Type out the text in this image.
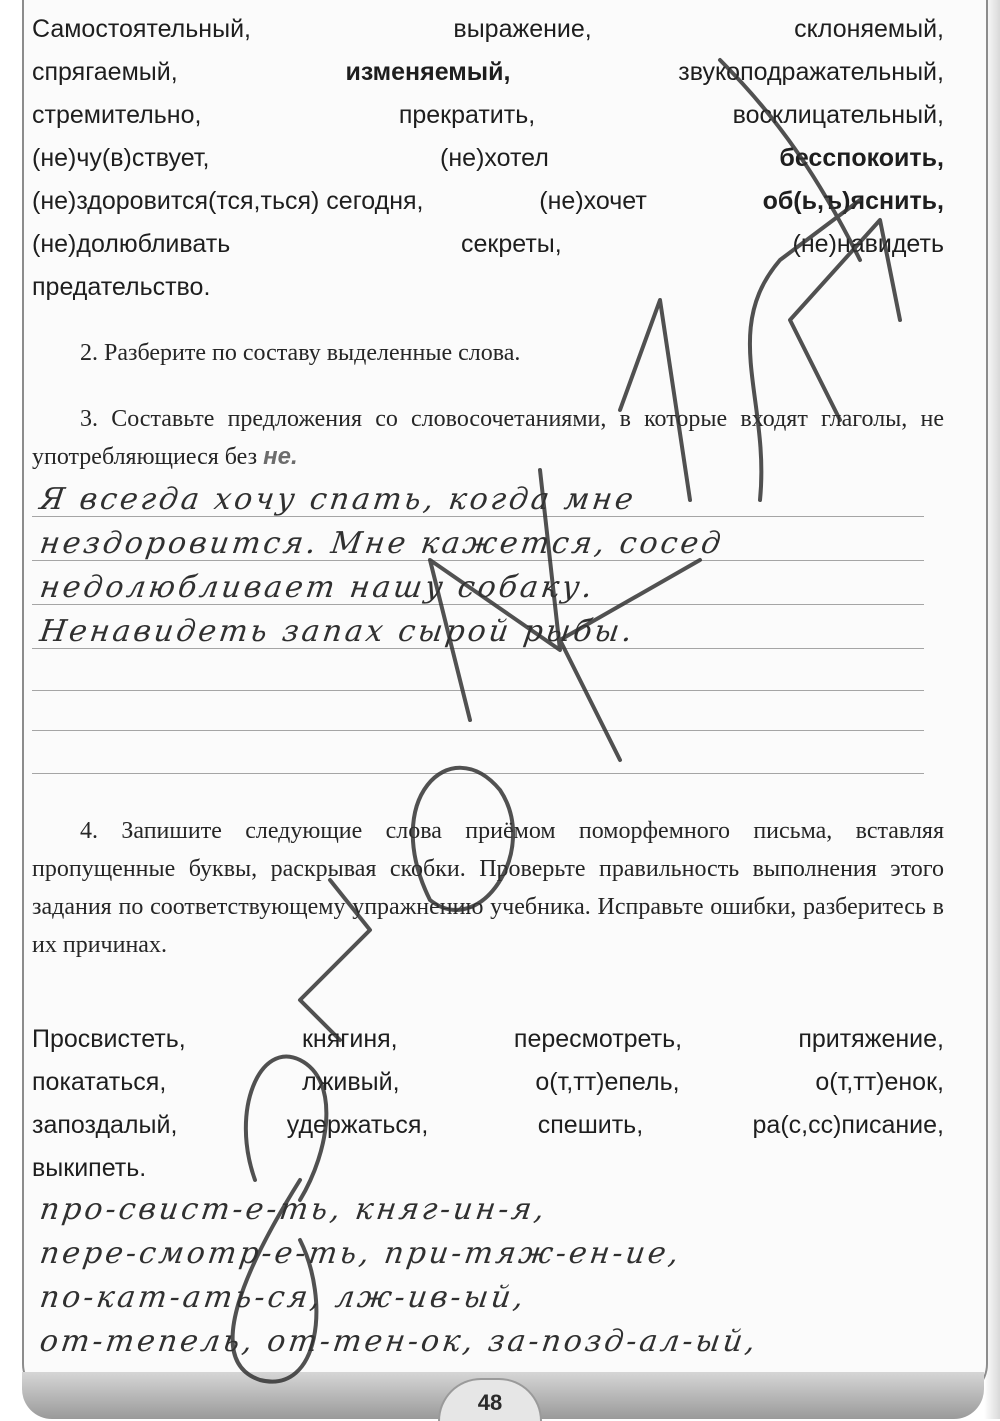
Самостоятельный,	выражение,	склоняемый,
спрягаемый,	изменяемый,	звукоподражательный,
стремительно,	прекратить,	восклицательный,
(не)чу(в)ствует,	(не)хотел	бесспокоить,
(не)здоровится(тся,ться) сегодня,	(не)хочет	об(ь,ъ)яснить,
(не)долюбливать	секреты,	(не)навидеть
предательство.
2. Разберите по составу выделенные слова.
3. Составьте предложения со словосочетаниями, в которые входят глаголы, не употребляющиеся без не.
Я всегда хочу спать, когда мне
нездоровится. Мне кажется, сосед
недолюбливает нашу собаку.
Ненавидеть запах сырой рыбы.
4. Запишите следующие слова приёмом поморфемного письма, вставляя пропущенные буквы, раскрывая скобки. Проверьте правильность выполнения этого задания по соответствующему упражнению учебника. Исправьте ошибки, разберитесь в их причинах.
Просвистеть,	княгиня,	пересмотреть,	притяжение,
покататься,	лживый,	о(т,тт)епель,	о(т,тт)енок,
запоздалый,	удержаться,	спешить,	ра(с,сс)писание,
выкипеть.
про-свист-е-ть, княг-ин-я,
пере-смотр-е-ть, при-тяж-ен-ие,
по-кат-ать-ся, лж-ив-ый,
от-тепель, от-тен-ок, за-позд-ал-ый,
48
